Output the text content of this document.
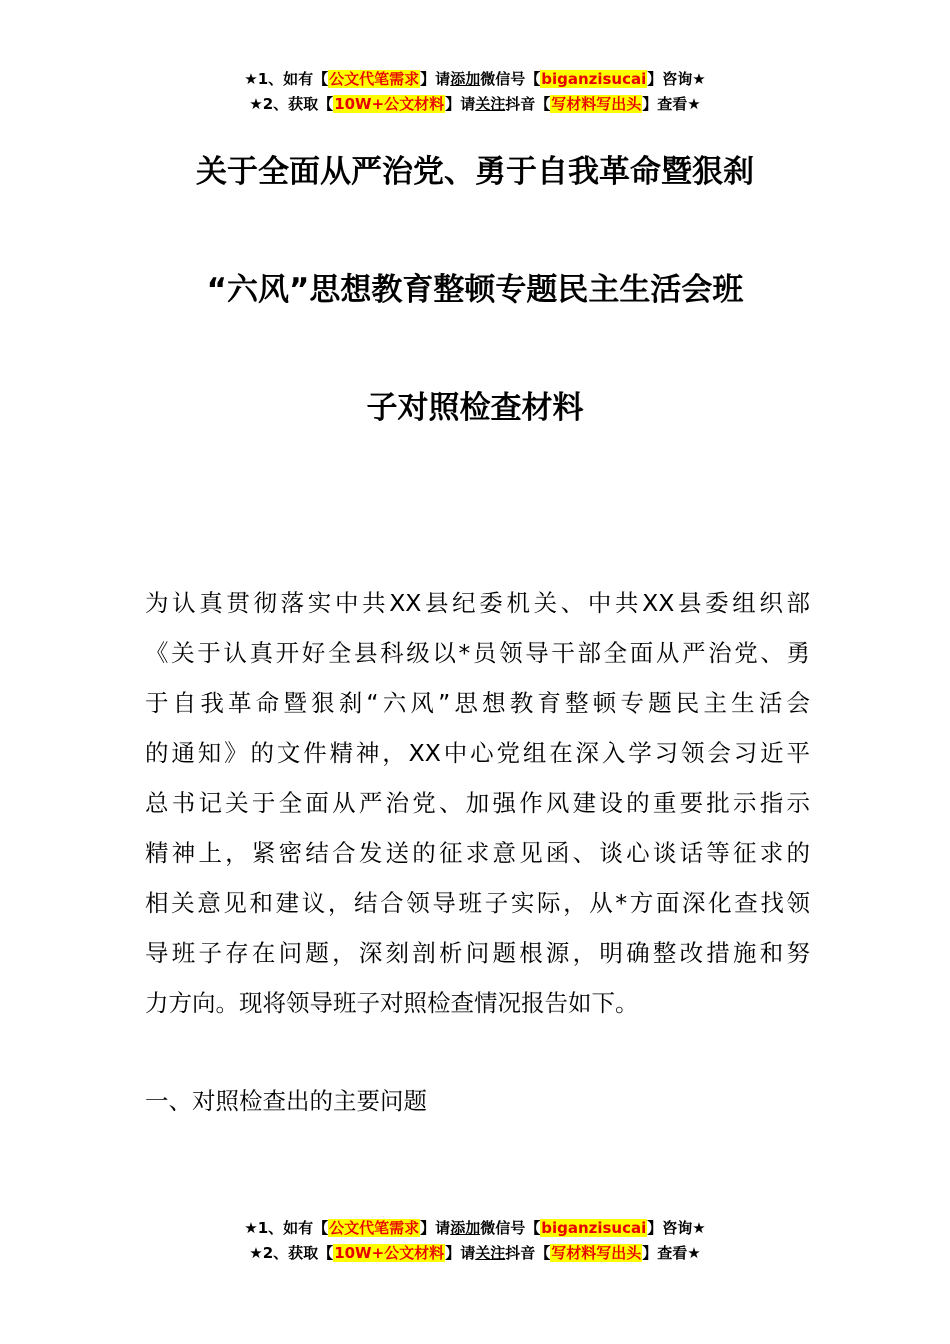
★1、如有【公文代笔需求】请添加微信号【biganzisucai】咨询★
★2、获取【10W+公文材料】请关注抖音【写材料写出头】查看★
关于全面从严治党、勇于自我革命暨狠刹
“六风”思想教育整顿专题民主生活会班
子对照检查材料
为认真贯彻落实中共XX县纪委机关、中共XX县委组织部
《关于认真开好全县科级以*员领导干部全面从严治党、勇
于自我革命暨狠刹“六风”思想教育整顿专题民主生活会
的通知》的文件精神，XX中心党组在深入学习领会习近平
总书记关于全面从严治党、加强作风建设的重要批示指示
精神上，紧密结合发送的征求意见函、谈心谈话等征求的
相关意见和建议，结合领导班子实际，从*方面深化查找领
导班子存在问题，深刻剖析问题根源，明确整改措施和努
力方向。现将领导班子对照检查情况报告如下。
一、对照检查出的主要问题
★1、如有【公文代笔需求】请添加微信号【biganzisucai】咨询★
★2、获取【10W+公文材料】请关注抖音【写材料写出头】查看★
